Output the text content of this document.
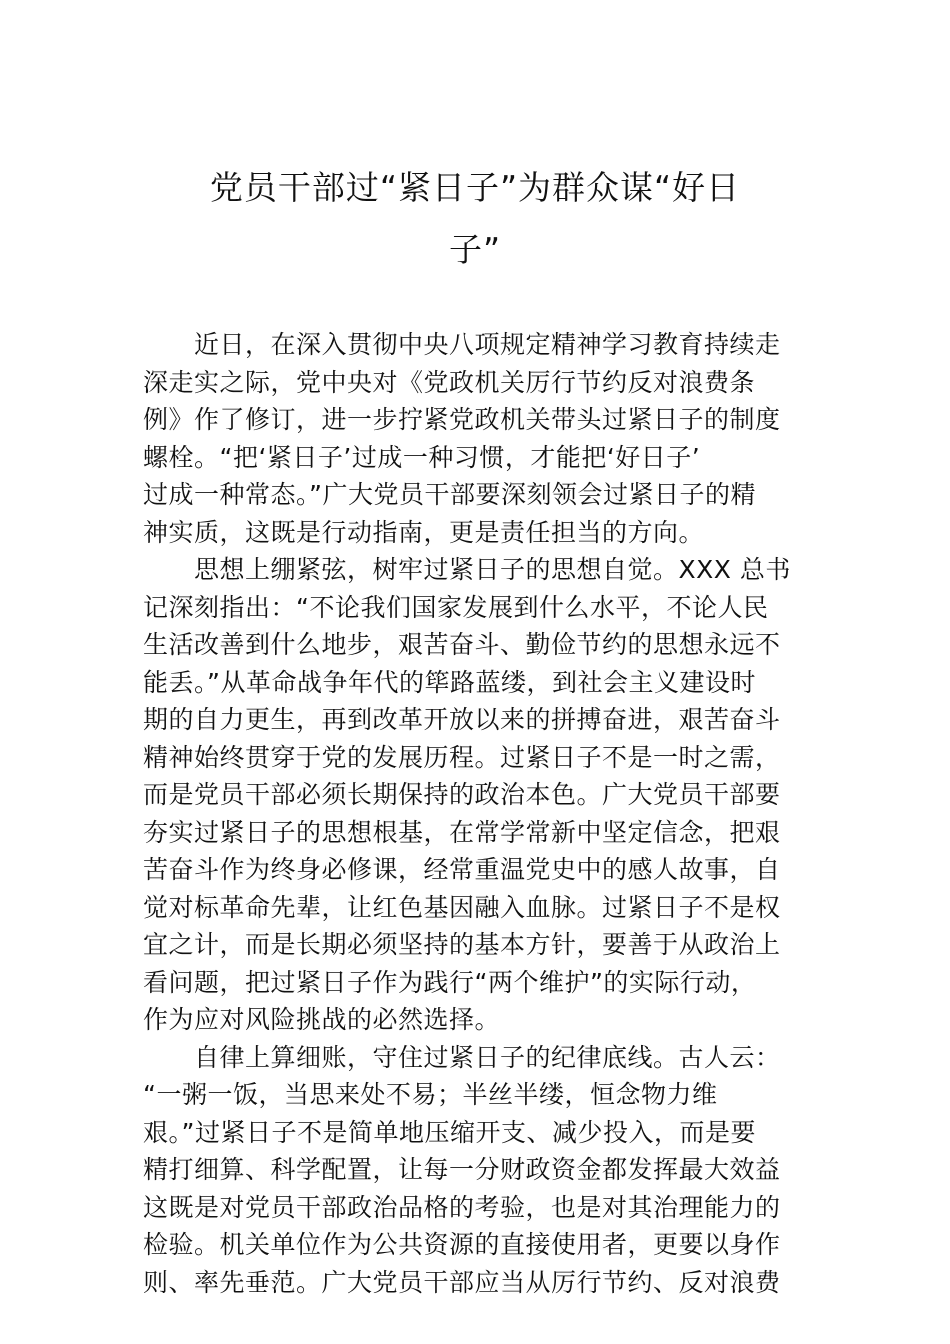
党员干部过“紧日子”为群众谋“好日
子”
近日，在深入贯彻中央八项规定精神学习教育持续走
深走实之际，党中央对《党政机关厉行节约反对浪费条
例》作了修订，进一步拧紧党政机关带头过紧日子的制度
螺栓。“把‘紧日子’过成一种习惯，才能把‘好日子’
过成一种常态。”广大党员干部要深刻领会过紧日子的精
神实质，这既是行动指南，更是责任担当的方向。
思想上绷紧弦，树牢过紧日子的思想自觉。XXX 总书
记深刻指出：“不论我们国家发展到什么水平，不论人民
生活改善到什么地步，艰苦奋斗、勤俭节约的思想永远不
能丢。”从革命战争年代的筚路蓝缕，到社会主义建设时
期的自力更生，再到改革开放以来的拼搏奋进，艰苦奋斗
精神始终贯穿于党的发展历程。过紧日子不是一时之需，
而是党员干部必须长期保持的政治本色。广大党员干部要
夯实过紧日子的思想根基，在常学常新中坚定信念，把艰
苦奋斗作为终身必修课，经常重温党史中的感人故事，自
觉对标革命先辈，让红色基因融入血脉。过紧日子不是权
宜之计，而是长期必须坚持的基本方针，要善于从政治上
看问题，把过紧日子作为践行“两个维护”的实际行动，
作为应对风险挑战的必然选择。
自律上算细账，守住过紧日子的纪律底线。古人云：
“一粥一饭，当思来处不易；半丝半缕，恒念物力维
艰。”过紧日子不是简单地压缩开支、减少投入，而是要
精打细算、科学配置，让每一分财政资金都发挥最大效益
这既是对党员干部政治品格的考验，也是对其治理能力的
检验。机关单位作为公共资源的直接使用者，更要以身作
则、率先垂范。广大党员干部应当从厉行节约、反对浪费
